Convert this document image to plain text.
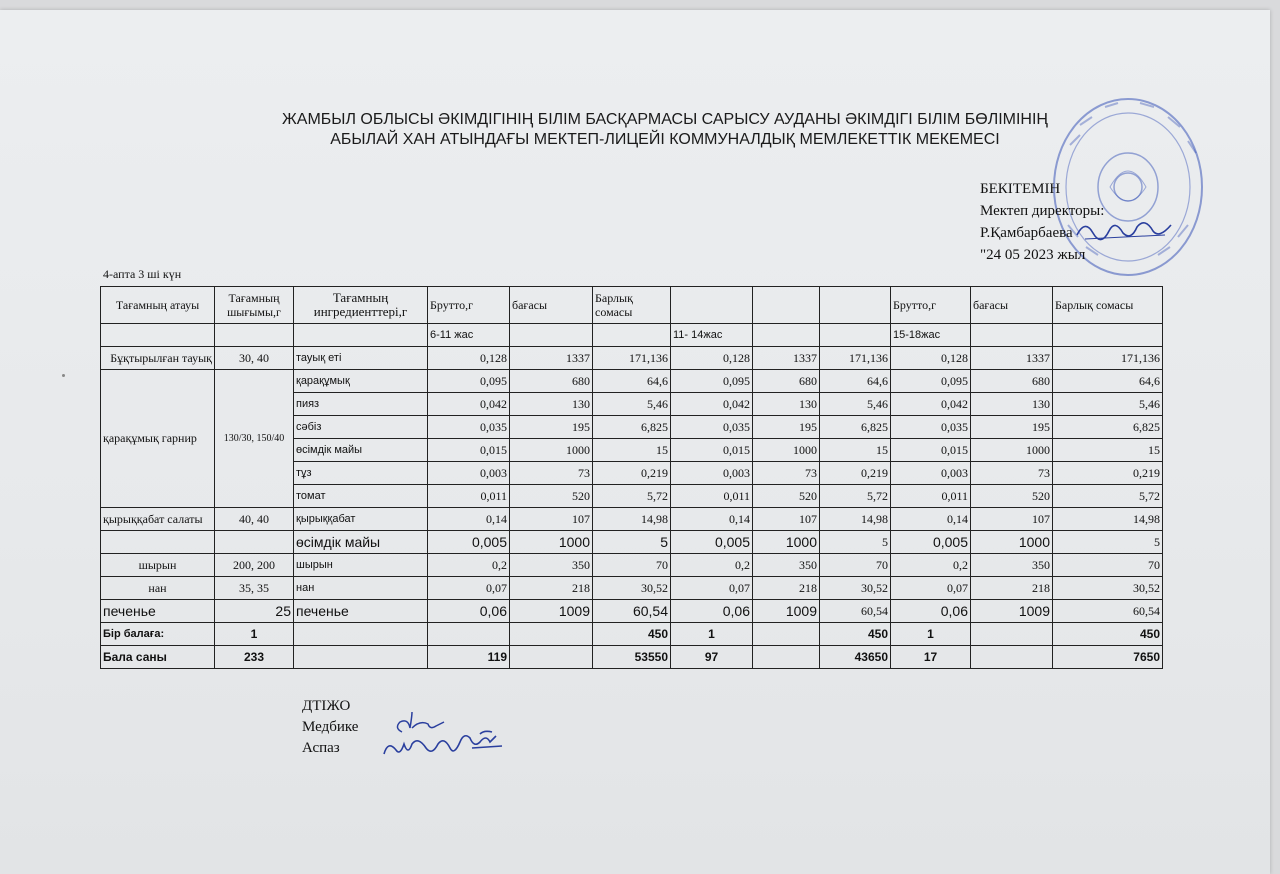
ЖАМБЫЛ ОБЛЫСЫ ӘКІМДІГІНІҢ БІЛІМ БАСҚАРМАСЫ САРЫСУ АУДАНЫ ӘКІМДІГІ БІЛІМ БӨЛІМІНІҢ
АБЫЛАЙ ХАН АТЫНДАҒЫ МЕКТЕП-ЛИЦЕЙІ КОММУНАЛДЫҚ МЕМЛЕКЕТТІК МЕКЕМЕСІ
БЕКІТЕМІН
Мектеп директоры:
Р.Қамбарбаева
"24 05 2023 жыл
4-апта 3 ші күн
Тағамның атауы	Тағамның шығымы,г	Тағамның ингредиенттері,г	Брутто,г	бағасы	Барлық сомасы				Брутто,г	бағасы	Барлық сомасы
			6-11 жас			11- 14жас			15-18жас		
Бұқтырылған тауық	30, 40	тауық еті	0,128	1337	171,136	0,128	1337	171,136	0,128	1337	171,136
қарақұмық гарнир	130/30, 150/40	қарақұмық	0,095	680	64,6	0,095	680	64,6	0,095	680	64,6
		пияз	0,042	130	5,46	0,042	130	5,46	0,042	130	5,46
		сәбіз	0,035	195	6,825	0,035	195	6,825	0,035	195	6,825
		өсімдік майы	0,015	1000	15	0,015	1000	15	0,015	1000	15
		тұз	0,003	73	0,219	0,003	73	0,219	0,003	73	0,219
		томат	0,011	520	5,72	0,011	520	5,72	0,011	520	5,72
қырыққабат салаты	40, 40	қырыққабат	0,14	107	14,98	0,14	107	14,98	0,14	107	14,98
		өсімдік майы	0,005	1000	5	0,005	1000	5	0,005	1000	5
шырын	200, 200	шырын	0,2	350	70	0,2	350	70	0,2	350	70
нан	35, 35	нан	0,07	218	30,52	0,07	218	30,52	0,07	218	30,52
печенье	25	печенье	0,06	1009	60,54	0,06	1009	60,54	0,06	1009	60,54
Бір балаға:	1				450	1		450	1		450
Бала саны	233		119		53550	97		43650	17		7650
ДТІЖО
Медбике
Аспаз
